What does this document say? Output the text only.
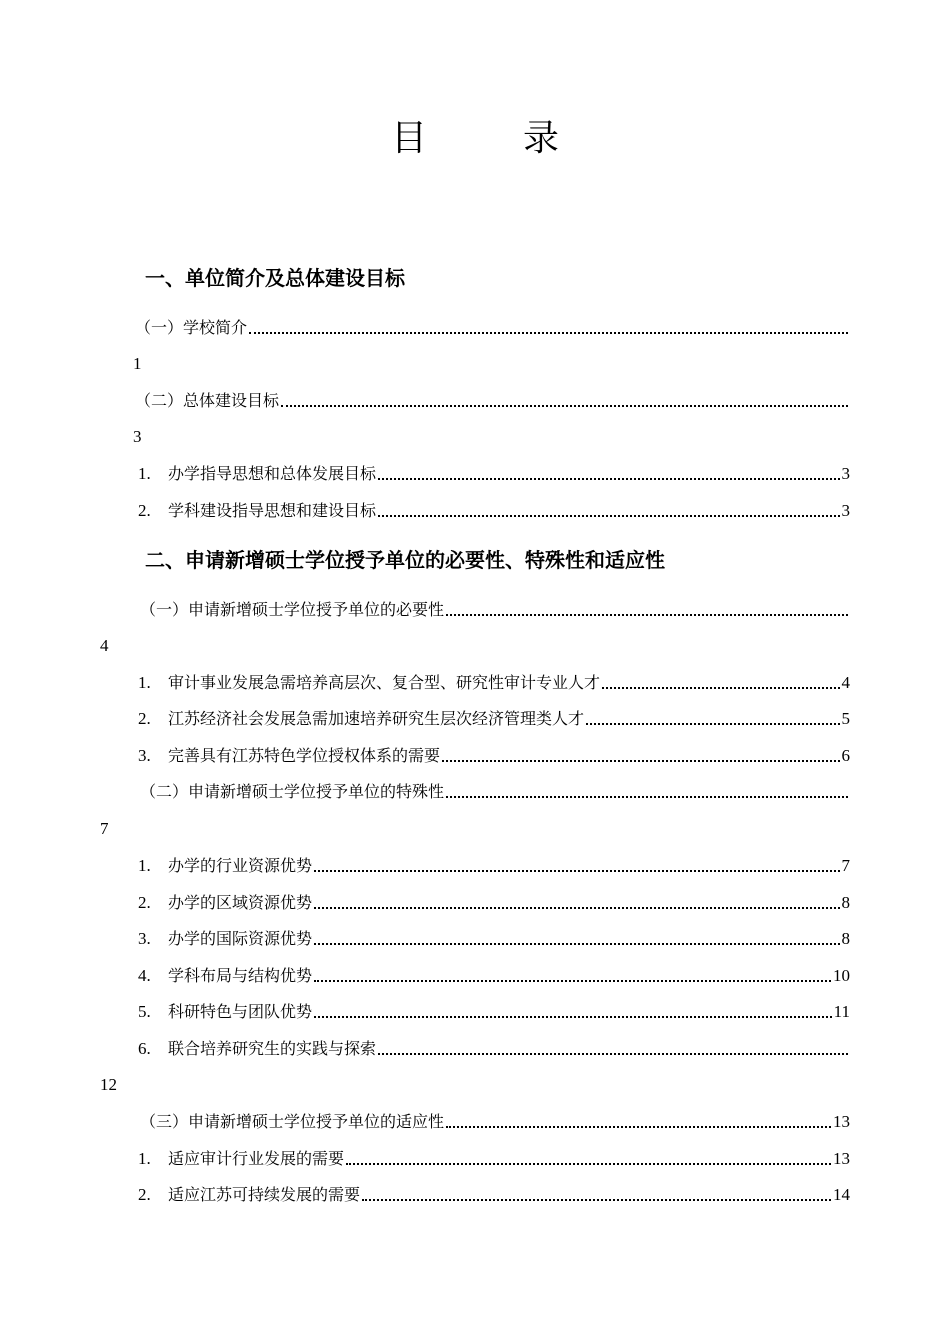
目　录
一、单位简介及总体建设目标
（一）学校简介
1
（二）总体建设目标
3
1.	办学指导思想和总体发展目标	3
2.	学科建设指导思想和建设目标	3
二、申请新增硕士学位授予单位的必要性、特殊性和适应性
（一）申请新增硕士学位授予单位的必要性
4
1.	审计事业发展急需培养高层次、复合型、研究性审计专业人才	4
2.	江苏经济社会发展急需加速培养研究生层次经济管理类人才	5
3.	完善具有江苏特色学位授权体系的需要	6
（二）申请新增硕士学位授予单位的特殊性
7
1.	办学的行业资源优势	7
2.	办学的区域资源优势	8
3.	办学的国际资源优势	8
4.	学科布局与结构优势	10
5.	科研特色与团队优势	11
6.	联合培养研究生的实践与探索
12
（三）申请新增硕士学位授予单位的适应性	13
1.	适应审计行业发展的需要	13
2.	适应江苏可持续发展的需要	14
